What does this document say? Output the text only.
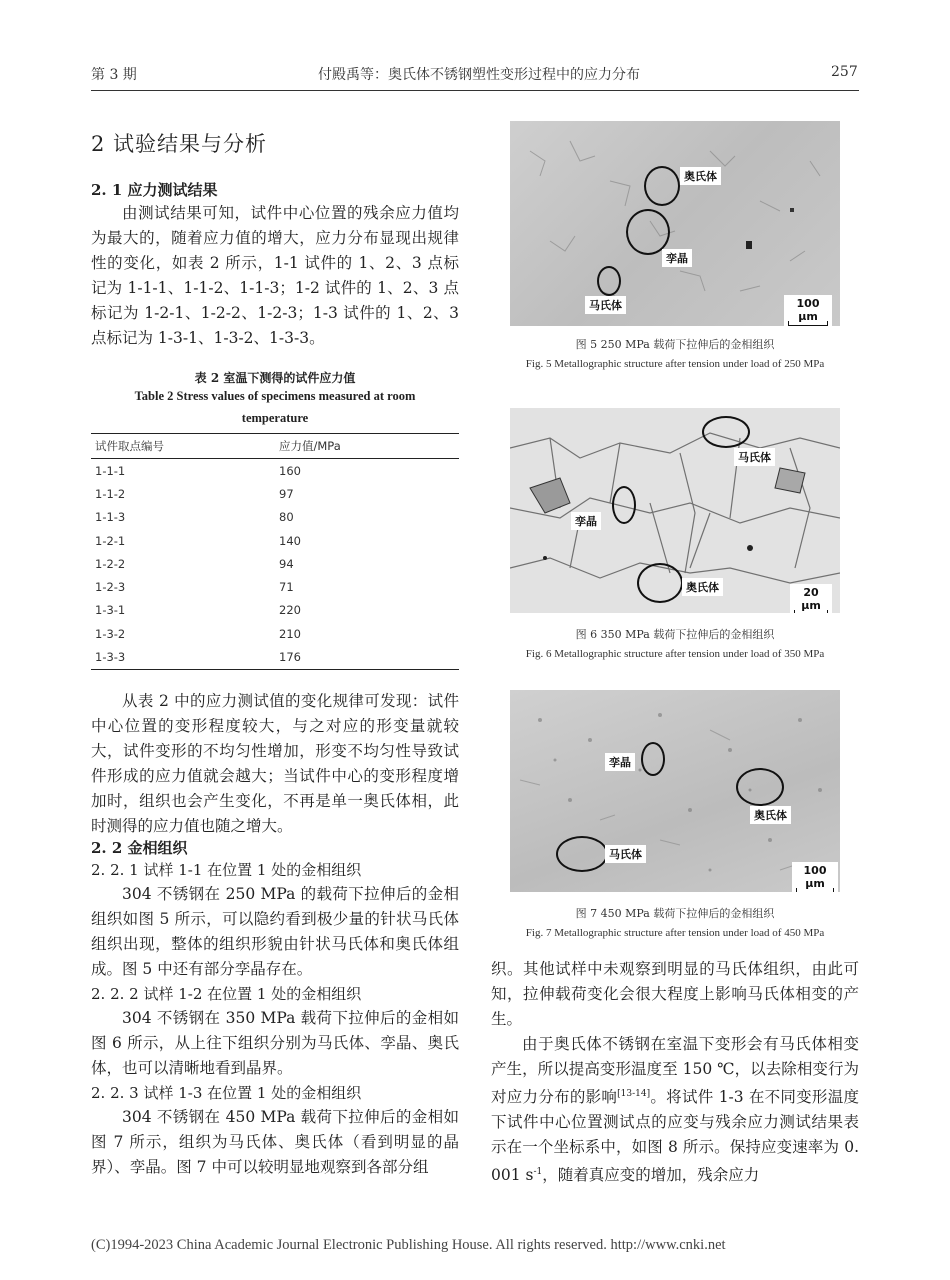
第 3 期	付殿禹等：奥氏体不锈钢塑性变形过程中的应力分布	257
2 试验结果与分析
2. 1 应力测试结果
由测试结果可知，试件中心位置的残余应力值均为最大的，随着应力值的增大，应力分布显现出规律性的变化，如表 2 所示，1-1 试件的 1、2、3 点标记为 1-1-1、1-1-2、1-1-3；1-2 试件的 1、2、3 点标记为 1-2-1、1-2-2、1-2-3；1-3 试件的 1、2、3 点标记为 1-3-1、1-3-2、1-3-3。
表 2 室温下测得的试件应力值
Table 2 Stress values of specimens measured at room
temperature
试件取点编号	应力值/MPa
1-1-1	160
1-1-2	97
1-1-3	80
1-2-1	140
1-2-2	94
1-2-3	71
1-3-1	220
1-3-2	210
1-3-3	176
从表 2 中的应力测试值的变化规律可发现：试件中心位置的变形程度较大，与之对应的形变量就较大，试件变形的不均匀性增加，形变不均匀性导致试件形成的应力值就会越大；当试件中心的变形程度增加时，组织也会产生变化，不再是单一奥氏体相，此时测得的应力值也随之增大。
2. 2 金相组织
2. 2. 1 试样 1-1 在位置 1 处的金相组织
304 不锈钢在 250 MPa 的载荷下拉伸后的金相组织如图 5 所示，可以隐约看到极少量的针状马氏体组织出现，整体的组织形貌由针状马氏体和奥氏体组成。图 5 中还有部分孪晶存在。
2. 2. 2 试样 1-2 在位置 1 处的金相组织
304 不锈钢在 350 MPa 载荷下拉伸后的金相如图 6 所示，从上往下组织分别为马氏体、孪晶、奥氏体，也可以清晰地看到晶界。
2. 2. 3 试样 1-3 在位置 1 处的金相组织
304 不锈钢在 450 MPa 载荷下拉伸后的金相如图 7 所示，组织为马氏体、奥氏体（看到明显的晶界）、孪晶。图 7 中可以较明显地观察到各部分组
奥氏体
孪晶
马氏体	100 μm
图 5 250 MPa 载荷下拉伸后的金相组织
Fig. 5 Metallographic structure after tension under load of 250 MPa
马氏体
孪晶
奥氏体	20 μm
图 6 350 MPa 载荷下拉伸后的金相组织
Fig. 6 Metallographic structure after tension under load of 350 MPa
孪晶
奥氏体
马氏体
100 μm
图 7 450 MPa 载荷下拉伸后的金相组织
Fig. 7 Metallographic structure after tension under load of 450 MPa
织。其他试样中未观察到明显的马氏体组织，由此可知，拉伸载荷变化会很大程度上影响马氏体相变的产生。
由于奥氏体不锈钢在室温下变形会有马氏体相变产生，所以提高变形温度至 150 ℃，以去除相变行为对应力分布的影响[13-14]。将试件 1-3 在不同变形温度下试件中心位置测试点的应变与残余应力测试结果表示在一个坐标系中，如图 8 所示。保持应变速率为 0. 001 $s^{-1}$，随着真应变的增加，残余应力
(C)1994-2023 China Academic Journal Electronic Publishing House. All rights reserved. http://www.cnki.net
